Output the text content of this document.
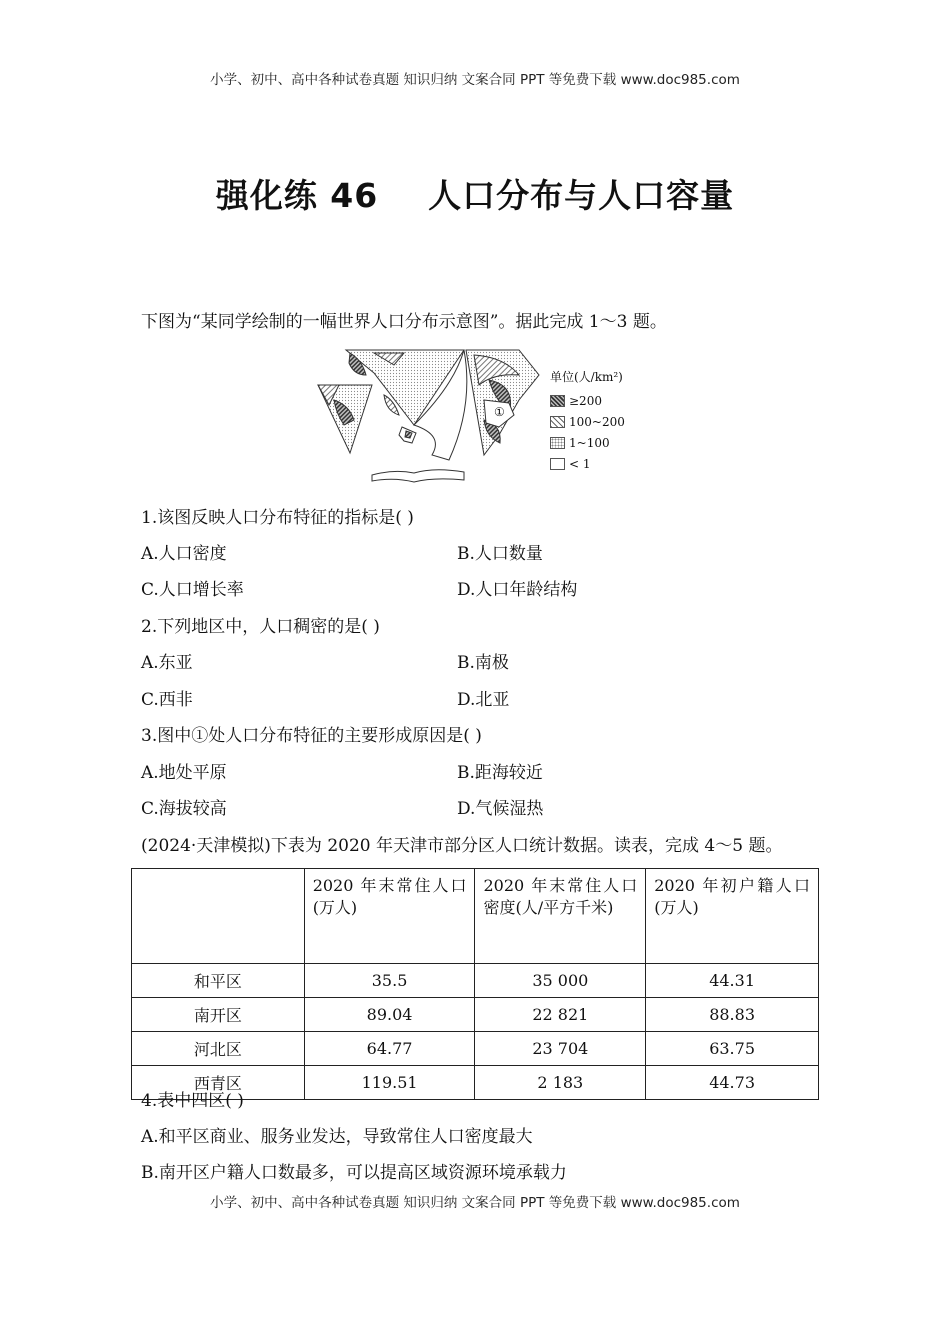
小学、初中、高中各种试卷真题 知识归纳 文案合同 PPT 等免费下载 www.doc985.com
强化练 46    人口分布与人口容量
下图为“某同学绘制的一幅世界人口分布示意图”。据此完成 1～3 题。
①
单位(人/km²)
≥200
100~200
1~100
< 1
1.该图反映人口分布特征的指标是( )
A.人口密度	B.人口数量
C.人口增长率	D.人口年龄结构
2.下列地区中，人口稠密的是( )
A.东亚	B.南极
C.西非	D.北亚
3.图中①处人口分布特征的主要形成原因是( )
A.地处平原	B.距海较近
C.海拔较高	D.气候湿热
(2024·天津模拟)下表为 2020 年天津市部分区人口统计数据。读表，完成 4～5 题。
	2020 年末常住人口(万人)	2020 年末常住人口密度(人/平方千米)	2020 年初户籍人口(万人)
和平区	35.5	35 000	44.31
南开区	89.04	22 821	88.83
河北区	64.77	23 704	63.75
西青区	119.51	2 183	44.73
4.表中四区( )
A.和平区商业、服务业发达，导致常住人口密度最大
B.南开区户籍人口数最多，可以提高区域资源环境承载力
小学、初中、高中各种试卷真题 知识归纳 文案合同 PPT 等免费下载 www.doc985.com
